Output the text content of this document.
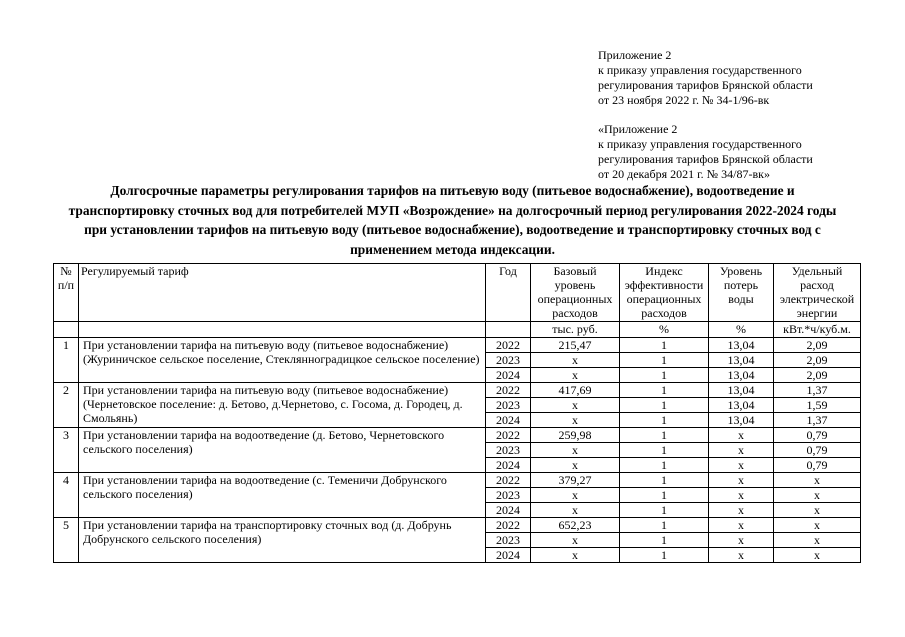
Приложение 2
к приказу управления государственного
регулирования тарифов Брянской области
от 23 ноября 2022 г. № 34-1/96-вк
«Приложение 2
к приказу управления государственного
регулирования тарифов Брянской области
от 20 декабря 2021 г. № 34/87-вк»
Долгосрочные параметры регулирования тарифов на питьевую воду (питьевое водоснабжение), водоотведение и
транспортировку сточных вод для потребителей МУП «Возрождение» на долгосрочный период регулирования 2022-2024 годы
при установлении тарифов на питьевую воду (питьевое водоснабжение), водоотведение и транспортировку сточных вод с
применением метода индексации.
№ п/п	Регулируемый тариф	Год	Базовый уровень операционных расходов	Индекс эффективности операционных расходов	Уровень потерь воды	Удельный расход электрической энергии
			тыс. руб.	%	%	кВт.*ч/куб.м.
1	При установлении тарифа на питьевую воду (питьевое водоснабжение) (Журиничское сельское поселение, Стеклянноградицкое сельское поселение)	2022	215,47	1	13,04	2,09
		2023	x	1	13,04	2,09
		2024	x	1	13,04	2,09
2	При установлении тарифа на питьевую воду (питьевое водоснабжение) (Чернетовское поселение: д. Бетово, д.Чернетово, с. Госома, д. Городец, д. Смольянь)	2022	417,69	1	13,04	1,37
		2023	x	1	13,04	1,59
		2024	x	1	13,04	1,37
3	При установлении тарифа на водоотведение (д. Бетово, Чернетовского сельского поселения)	2022	259,98	1	x	0,79
		2023	x	1	x	0,79
		2024	x	1	x	0,79
4	При установлении тарифа на водоотведение (с. Теменичи Добрунского сельского поселения)	2022	379,27	1	x	x
		2023	x	1	x	x
		2024	x	1	x	x
5	При установлении тарифа на транспортировку сточных вод (д. Добрунь Добрунского сельского поселения)	2022	652,23	1	x	x
		2023	x	1	x	x
		2024	x	1	x	x
